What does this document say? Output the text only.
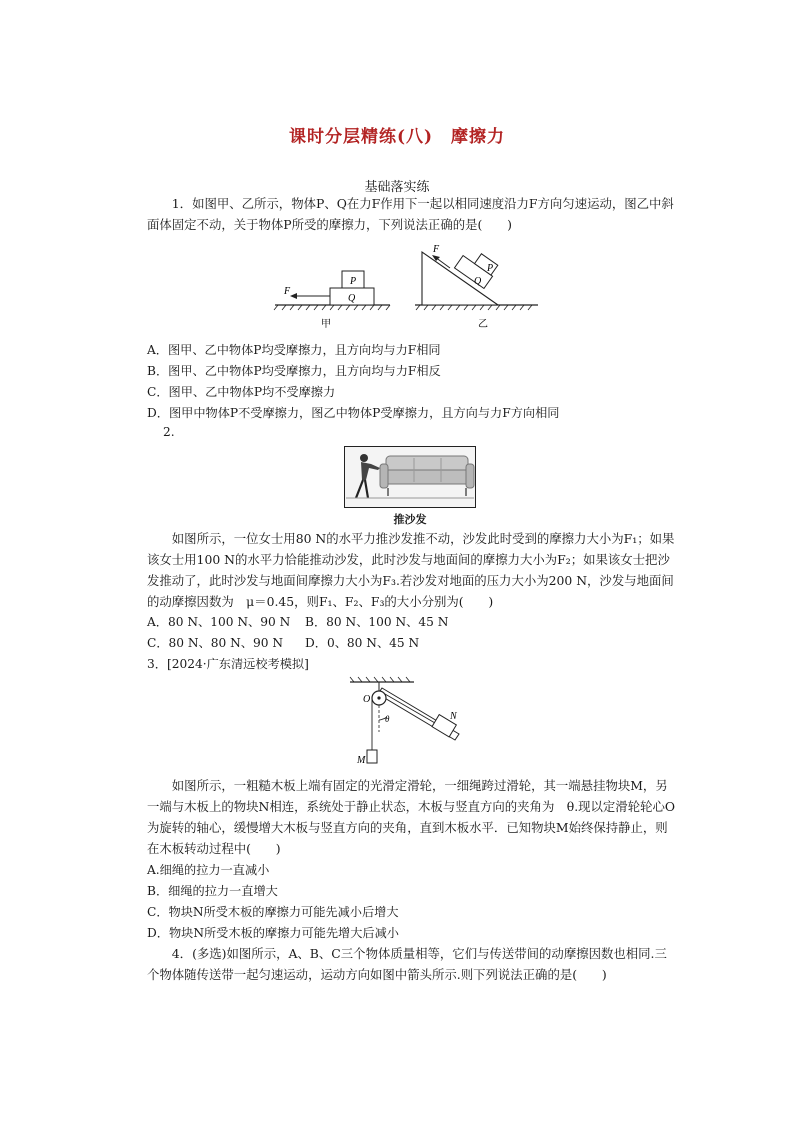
课时分层精练(八)　摩擦力
基础落实练

1．如图甲、乙所示，物体P、Q在力F作用下一起以相同速度沿力F方向匀速运动，图乙中斜面体固定不动，关于物体P所受的摩擦力，下列说法正确的是(　　)

P
Q
F
甲
F
P
Q
乙
A．图甲、乙中物体P均受摩擦力，且方向均与力F相同
B．图甲、乙中物体P均受摩擦力，且方向均与力F相反
C．图甲、乙中物体P均不受摩擦力
D．图甲中物体P不受摩擦力，图乙中物体P受摩擦力，且方向与力F方向相同
2.
推沙发

如图所示，一位女士用80 N的水平力推沙发推不动，沙发此时受到的摩擦力大小为F₁；如果该女士用100 N的水平力恰能推动沙发，此时沙发与地面间的摩擦力大小为F₂；如果该女士把沙发推动了，此时沙发与地面间摩擦力大小为F₃.若沙发对地面的压力大小为200 N，沙发与地面间的动摩擦因数为　μ＝0.45，则F₁、F₂、F₃的大小分别为(　　)

A．80 N、100 N、90 N B．80 N、100 N、45 N
C．80 N、80 N、90 N D．0、80 N、45 N
3．[2024·广东清远校考模拟]
O
θ	N
M

如图所示，一粗糙木板上端有固定的光滑定滑轮，一细绳跨过滑轮，其一端悬挂物块M，另一端与木板上的物块N相连，系统处于静止状态，木板与竖直方向的夹角为　θ.现以定滑轮轮心O为旋转的轴心，缓慢增大木板与竖直方向的夹角，直到木板水平．已知物块M始终保持静止，则在木板转动过程中(　　)

A.细绳的拉力一直减小
B．细绳的拉力一直增大
C．物块N所受木板的摩擦力可能先减小后增大
D．物块N所受木板的摩擦力可能先增大后减小

4．(多选)如图所示，A、B、C三个物体质量相等，它们与传送带间的动摩擦因数也相同.三个物体随传送带一起匀速运动，运动方向如图中箭头所示.则下列说法正确的是(　　)
